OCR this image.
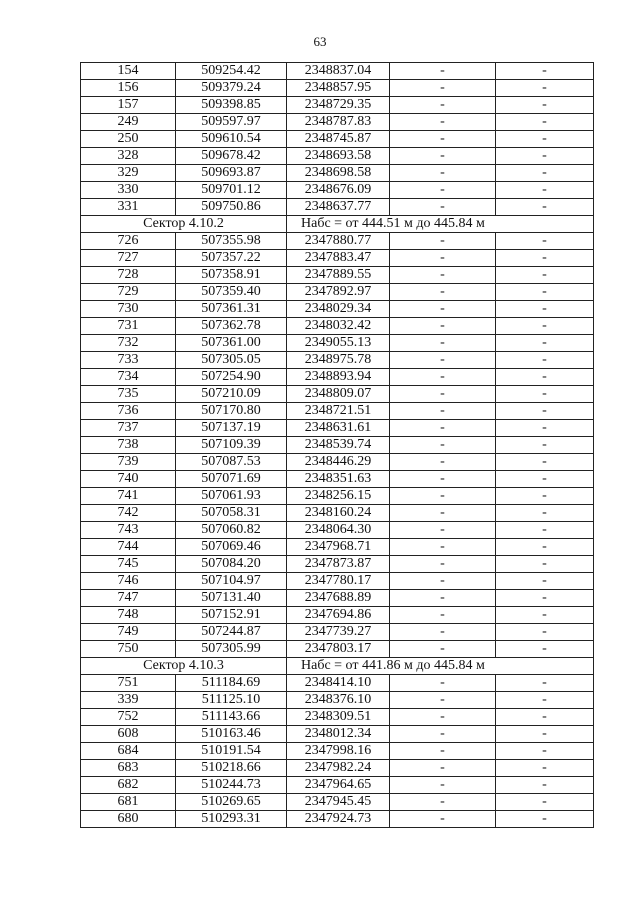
63
154	509254.42	2348837.04	-	-
156	509379.24	2348857.95	-	-
157	509398.85	2348729.35	-	-
249	509597.97	2348787.83	-	-
250	509610.54	2348745.87	-	-
328	509678.42	2348693.58	-	-
329	509693.87	2348698.58	-	-
330	509701.12	2348676.09	-	-
331	509750.86	2348637.77	-	-
Сектор 4.10.2		Набс = от 444.51 м до 445.84 м		
726	507355.98	2347880.77	-	-
727	507357.22	2347883.47	-	-
728	507358.91	2347889.55	-	-
729	507359.40	2347892.97	-	-
730	507361.31	2348029.34	-	-
731	507362.78	2348032.42	-	-
732	507361.00	2349055.13	-	-
733	507305.05	2348975.78	-	-
734	507254.90	2348893.94	-	-
735	507210.09	2348809.07	-	-
736	507170.80	2348721.51	-	-
737	507137.19	2348631.61	-	-
738	507109.39	2348539.74	-	-
739	507087.53	2348446.29	-	-
740	507071.69	2348351.63	-	-
741	507061.93	2348256.15	-	-
742	507058.31	2348160.24	-	-
743	507060.82	2348064.30	-	-
744	507069.46	2347968.71	-	-
745	507084.20	2347873.87	-	-
746	507104.97	2347780.17	-	-
747	507131.40	2347688.89	-	-
748	507152.91	2347694.86	-	-
749	507244.87	2347739.27	-	-
750	507305.99	2347803.17	-	-
Сектор 4.10.3		Набс = от 441.86 м до 445.84 м		
751	511184.69	2348414.10	-	-
339	511125.10	2348376.10	-	-
752	511143.66	2348309.51	-	-
608	510163.46	2348012.34	-	-
684	510191.54	2347998.16	-	-
683	510218.66	2347982.24	-	-
682	510244.73	2347964.65	-	-
681	510269.65	2347945.45	-	-
680	510293.31	2347924.73	-	-
